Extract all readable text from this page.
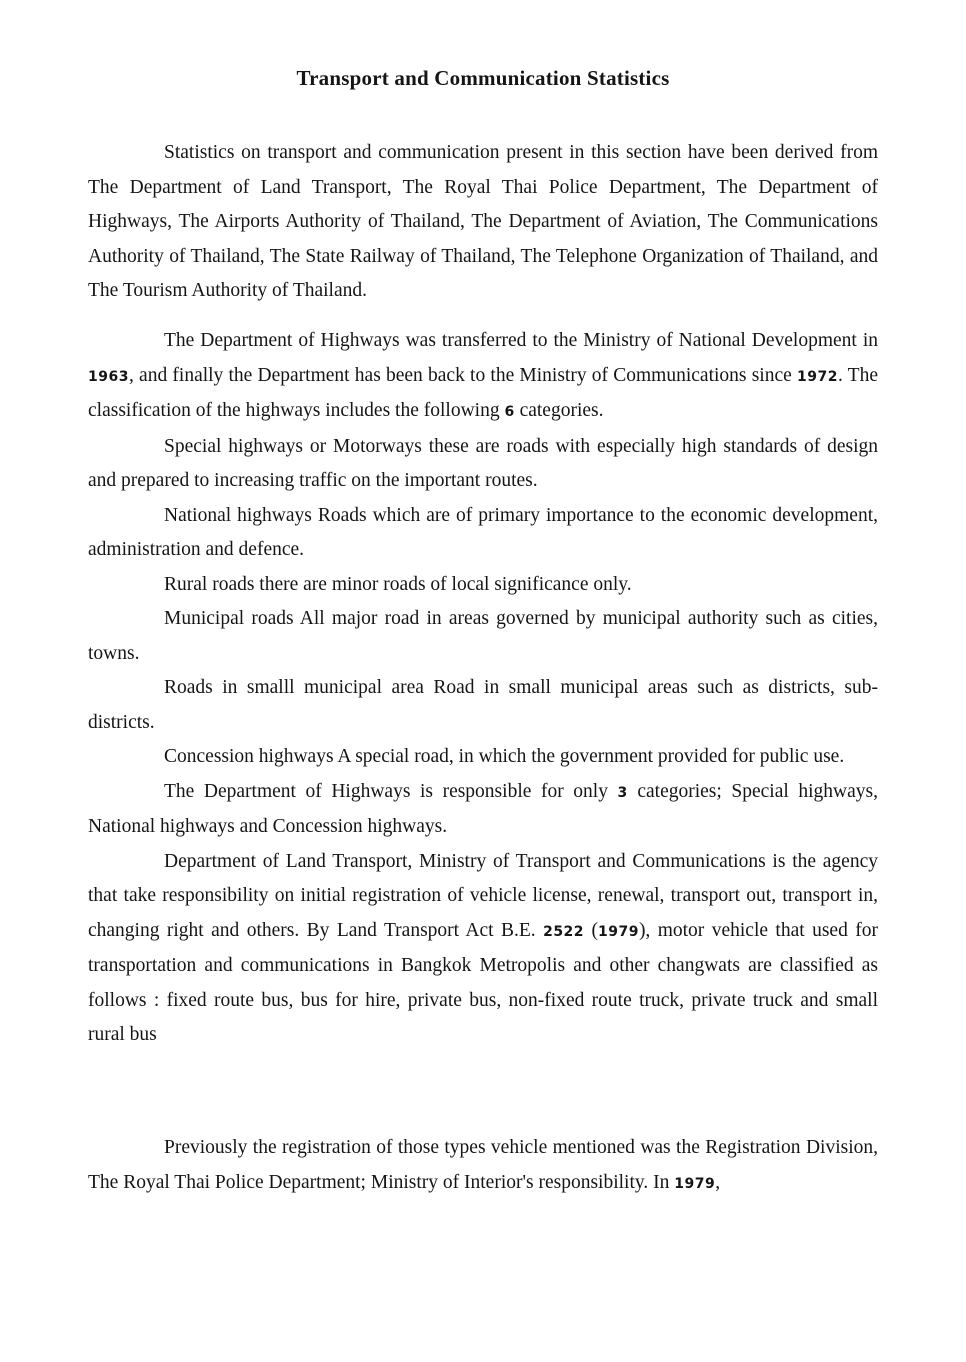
Transport and Communication Statistics

Statistics on transport and communication present in this section have been derived from The Department of Land Transport, The Royal Thai Police Department, The Department of Highways, The Airports Authority of Thailand, The Department of Aviation, The Communications Authority of Thailand, The State Railway of Thailand, The Telephone Organization of Thailand, and The Tourism Authority of Thailand.

The Department of Highways was transferred to the Ministry of National Development in 1963, and finally the Department has been back to the Ministry of Communications since 1972. The classification of the highways includes the following 6 categories.

Special highways or Motorways these are roads with especially high standards of design and prepared to increasing traffic on the important routes.

National highways Roads which are of primary importance to the economic development, administration and defence.

Rural roads there are minor roads of local significance only.

Municipal roads All major road in areas governed by municipal authority such as cities, towns.

Roads in smalll municipal area Road in small municipal areas such as districts, sub-districts.

Concession highways A special road, in which the government provided for public use.

The Department of Highways is responsible for only 3 categories; Special highways, National highways and Concession highways.

Department of Land Transport, Ministry of Transport and Communications is the agency that take responsibility on initial registration of vehicle license, renewal, transport out, transport in, changing right and others. By Land Transport Act B.E. 2522 (1979), motor vehicle that used for transportation and communications in Bangkok Metropolis and other changwats are classified as follows : fixed route bus, bus for hire, private bus, non-fixed route truck, private truck and small rural bus

Previously the registration of those types vehicle mentioned was the Registration Division, The Royal Thai Police Department; Ministry of Interior's responsibility. In 1979,
